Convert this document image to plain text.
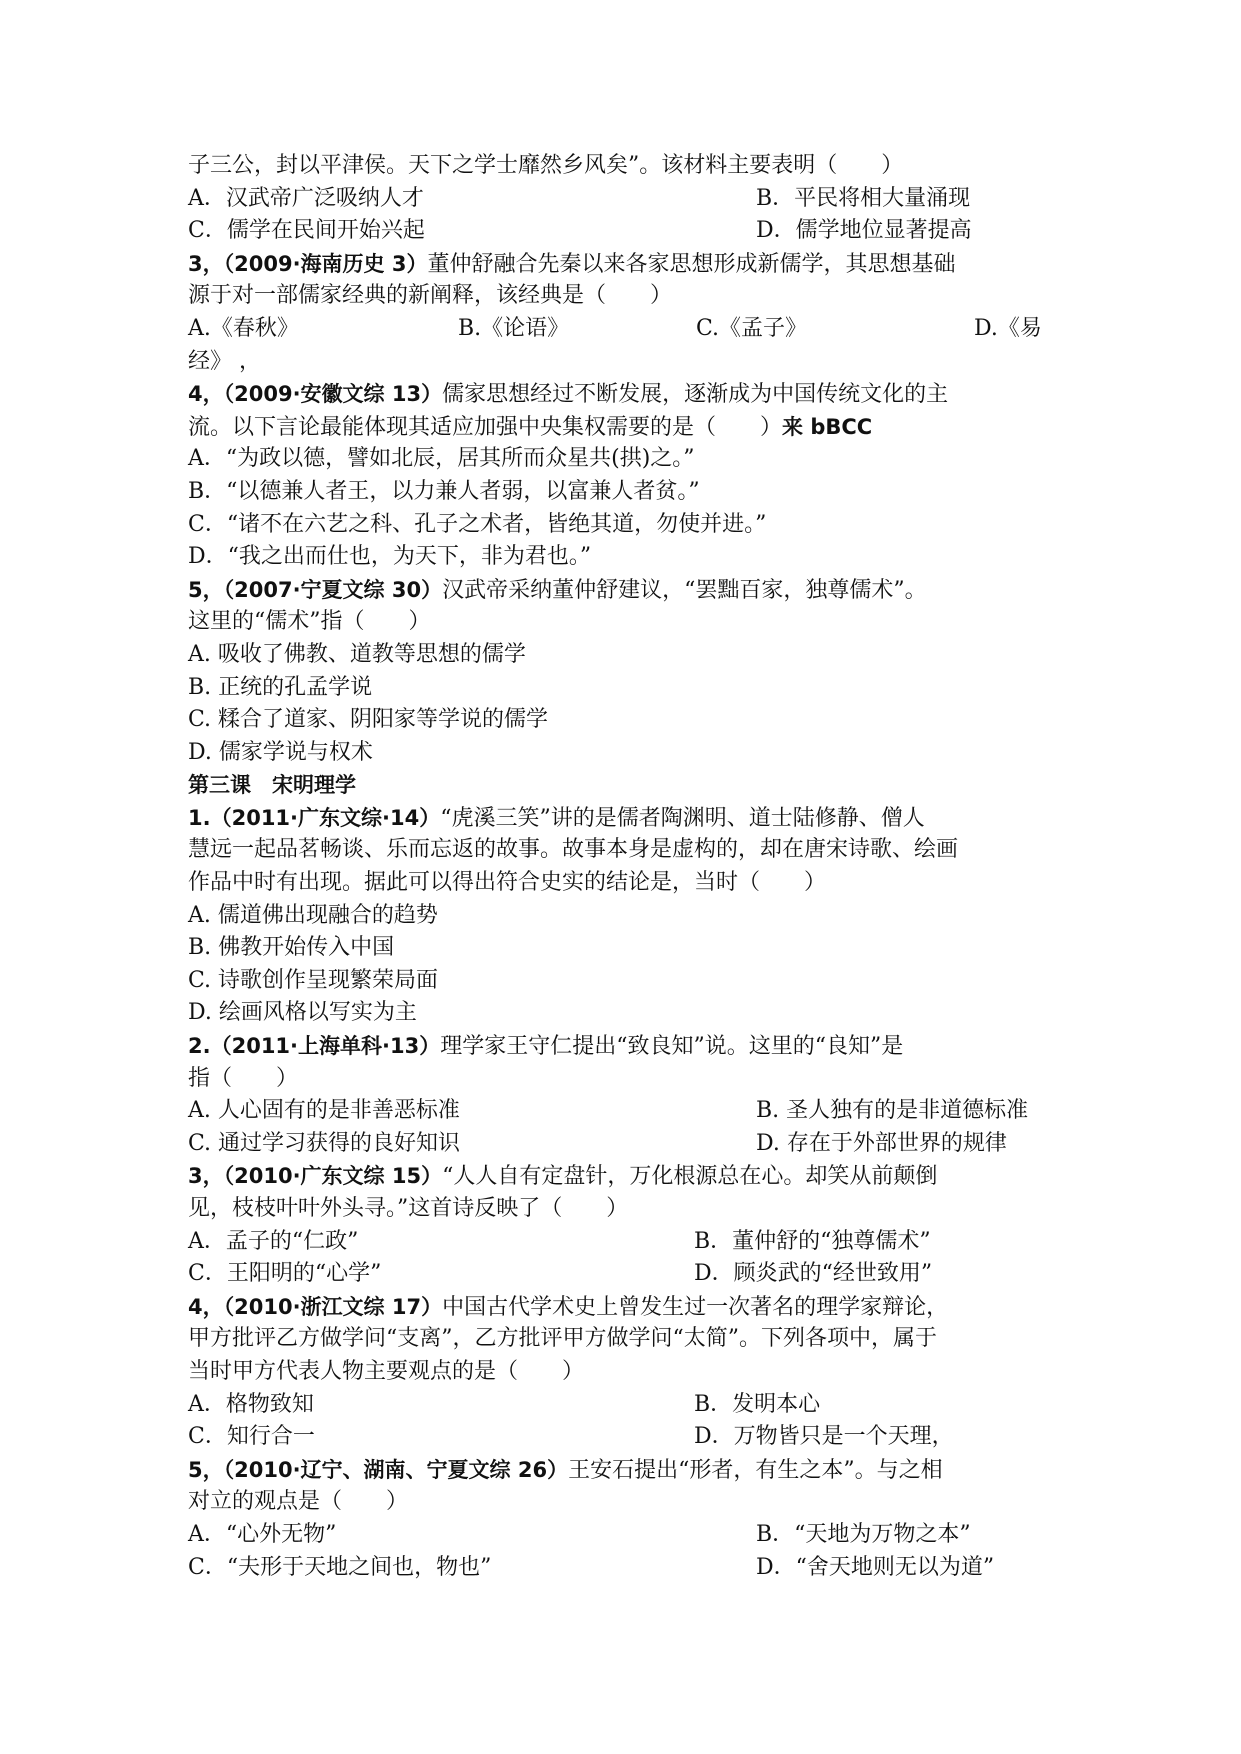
子三公，封以平津侯。天下之学士靡然乡风矣”。该材料主要表明（　　）
A．汉武帝广泛吸纳人才	B．平民将相大量涌现
C．儒学在民间开始兴起	D．儒学地位显著提高
3，（2009·海南历史 3）董仲舒融合先秦以来各家思想形成新儒学，其思想基础
源于对一部儒家经典的新阐释，该经典是（　　）
A.《春秋》	B.《论语》	C.《孟子》	D.《易
经》 ，
4，（2009·安徽文综 13）儒家思想经过不断发展，逐渐成为中国传统文化的主
流。以下言论最能体现其适应加强中央集权需要的是（　　）来 bBCC
A．“为政以德，譬如北辰，居其所而众星共(拱)之。”
B．“以德兼人者王，以力兼人者弱，以富兼人者贫。”
C．“诸不在六艺之科、孔子之术者，皆绝其道，勿使并进。”
D．“我之出而仕也，为天下，非为君也。”
5，（2007·宁夏文综 30）汉武帝采纳董仲舒建议，“罢黜百家，独尊儒术”。
这里的“儒术”指（　　）
A. 吸收了佛教、道教等思想的儒学
B. 正统的孔孟学说
C. 糅合了道家、阴阳家等学说的儒学
D. 儒家学说与权术
第三课　宋明理学
1.（2011·广东文综·14）“虎溪三笑”讲的是儒者陶渊明、道士陆修静、僧人
慧远一起品茗畅谈、乐而忘返的故事。故事本身是虚构的，却在唐宋诗歌、绘画
作品中时有出现。据此可以得出符合史实的结论是，当时（　　）
A. 儒道佛出现融合的趋势
B. 佛教开始传入中国
C. 诗歌创作呈现繁荣局面
D. 绘画风格以写实为主
2.（2011·上海单科·13）理学家王守仁提出“致良知”说。这里的“良知”是
指（　　）
A. 人心固有的是非善恶标准	B. 圣人独有的是非道德标准
C. 通过学习获得的良好知识	D. 存在于外部世界的规律
3，（2010·广东文综 15）“人人自有定盘针，万化根源总在心。却笑从前颠倒
见，枝枝叶叶外头寻。”这首诗反映了（　　）
A．孟子的“仁政”	B．董仲舒的“独尊儒术”
C．王阳明的“心学”	D．顾炎武的“经世致用”
4，（2010·浙江文综 17）中国古代学术史上曾发生过一次著名的理学家辩论，
甲方批评乙方做学问“支离”，乙方批评甲方做学问“太简”。下列各项中，属于
当时甲方代表人物主要观点的是（　　）
A．格物致知	B．发明本心
C．知行合一	D．万物皆只是一个天理，
5，（2010·辽宁、湖南、宁夏文综 26）王安石提出“形者，有生之本”。与之相
对立的观点是（　　）
A．“心外无物”	B．“天地为万物之本”
C．“夫形于天地之间也，物也”	D．“舍天地则无以为道”
